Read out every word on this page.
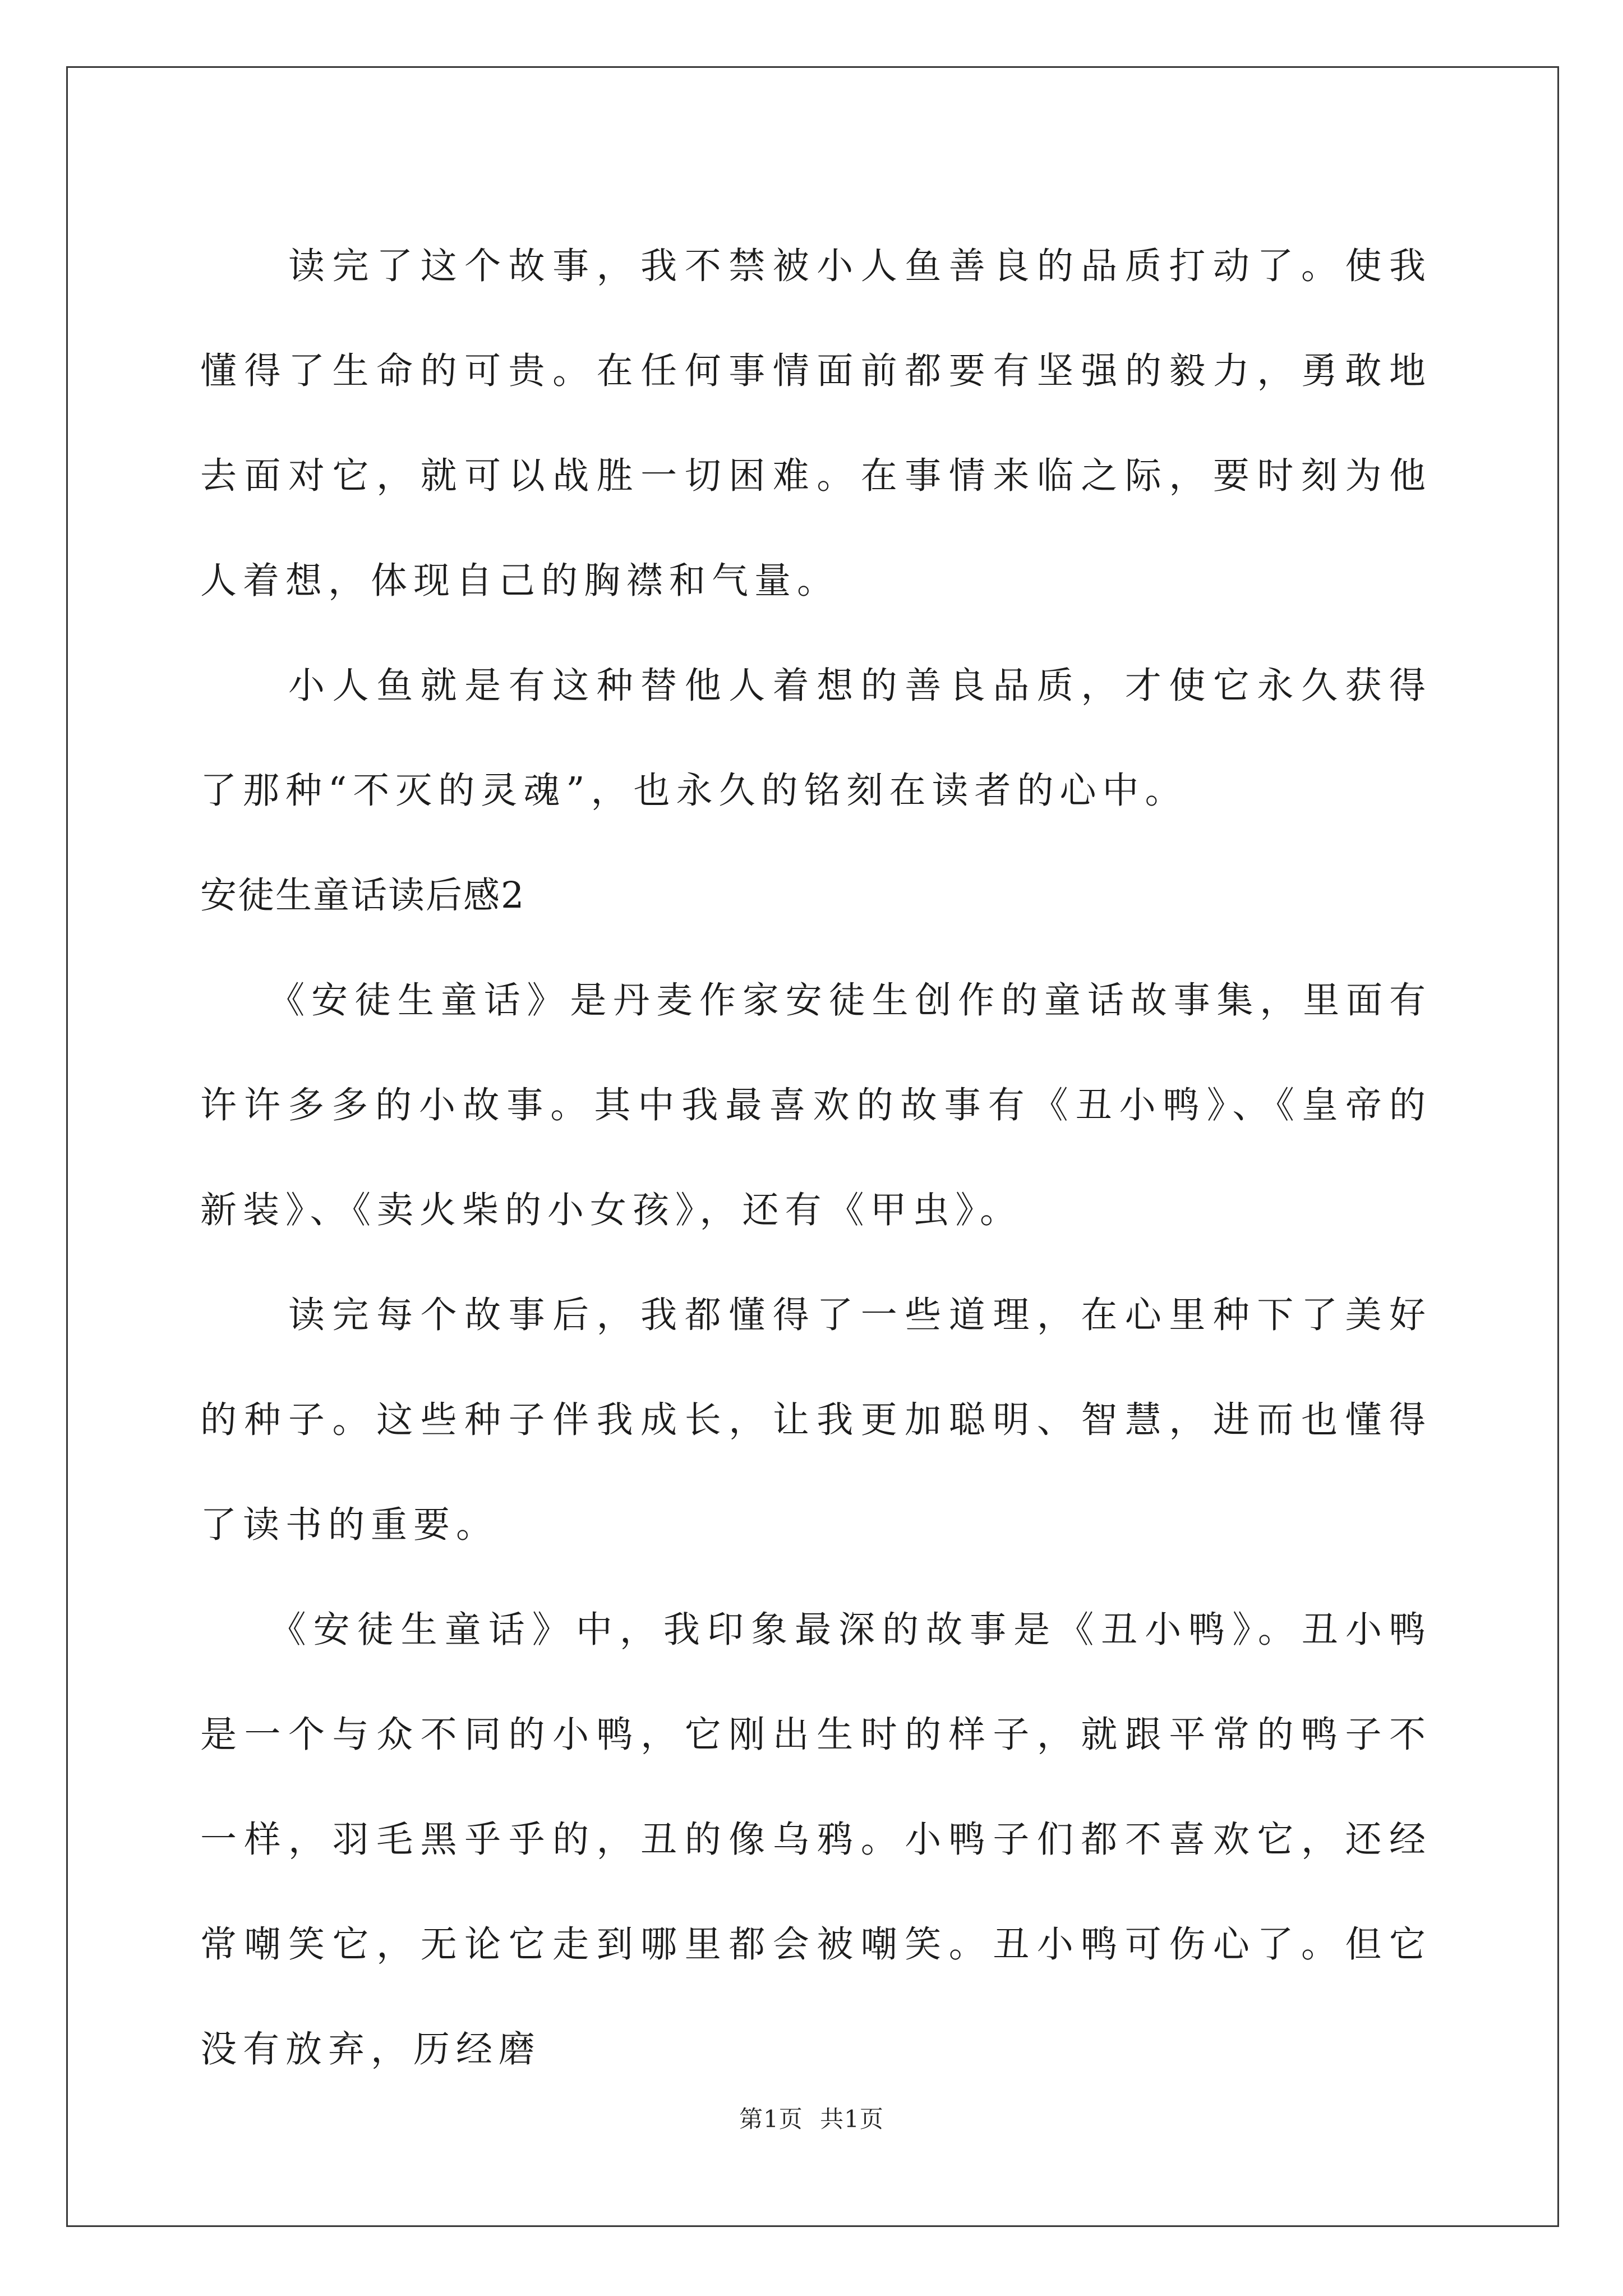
　　读完了这个故事，我不禁被小人鱼善良的品质打动了。使我懂得了生命的可贵。在任何事情面前都要有坚强的毅力，勇敢地去面对它，就可以战胜一切困难。在事情来临之际，要时刻为他人着想，体现自己的胸襟和气量。

　　小人鱼就是有这种替他人着想的善良品质，才使它永久获得了那种“不灭的灵魂”，也永久的铭刻在读者的心中。

安徒生童话读后感2

　　《安徒生童话》是丹麦作家安徒生创作的童话故事集，里面有许许多多的小故事。其中我最喜欢的故事有《丑小鸭》、《皇帝的新装》、《卖火柴的小女孩》，还有《甲虫》。

　　读完每个故事后，我都懂得了一些道理，在心里种下了美好的种子。这些种子伴我成长，让我更加聪明、智慧，进而也懂得了读书的重要。

　　《安徒生童话》中，我印象最深的故事是《丑小鸭》。丑小鸭是一个与众不同的小鸭，它刚出生时的样子，就跟平常的鸭子不一样，羽毛黑乎乎的，丑的像乌鸦。小鸭子们都不喜欢它，还经常嘲笑它，无论它走到哪里都会被嘲笑。丑小鸭可伤心了。但它没有放弃，历经磨

第1页 共1页
